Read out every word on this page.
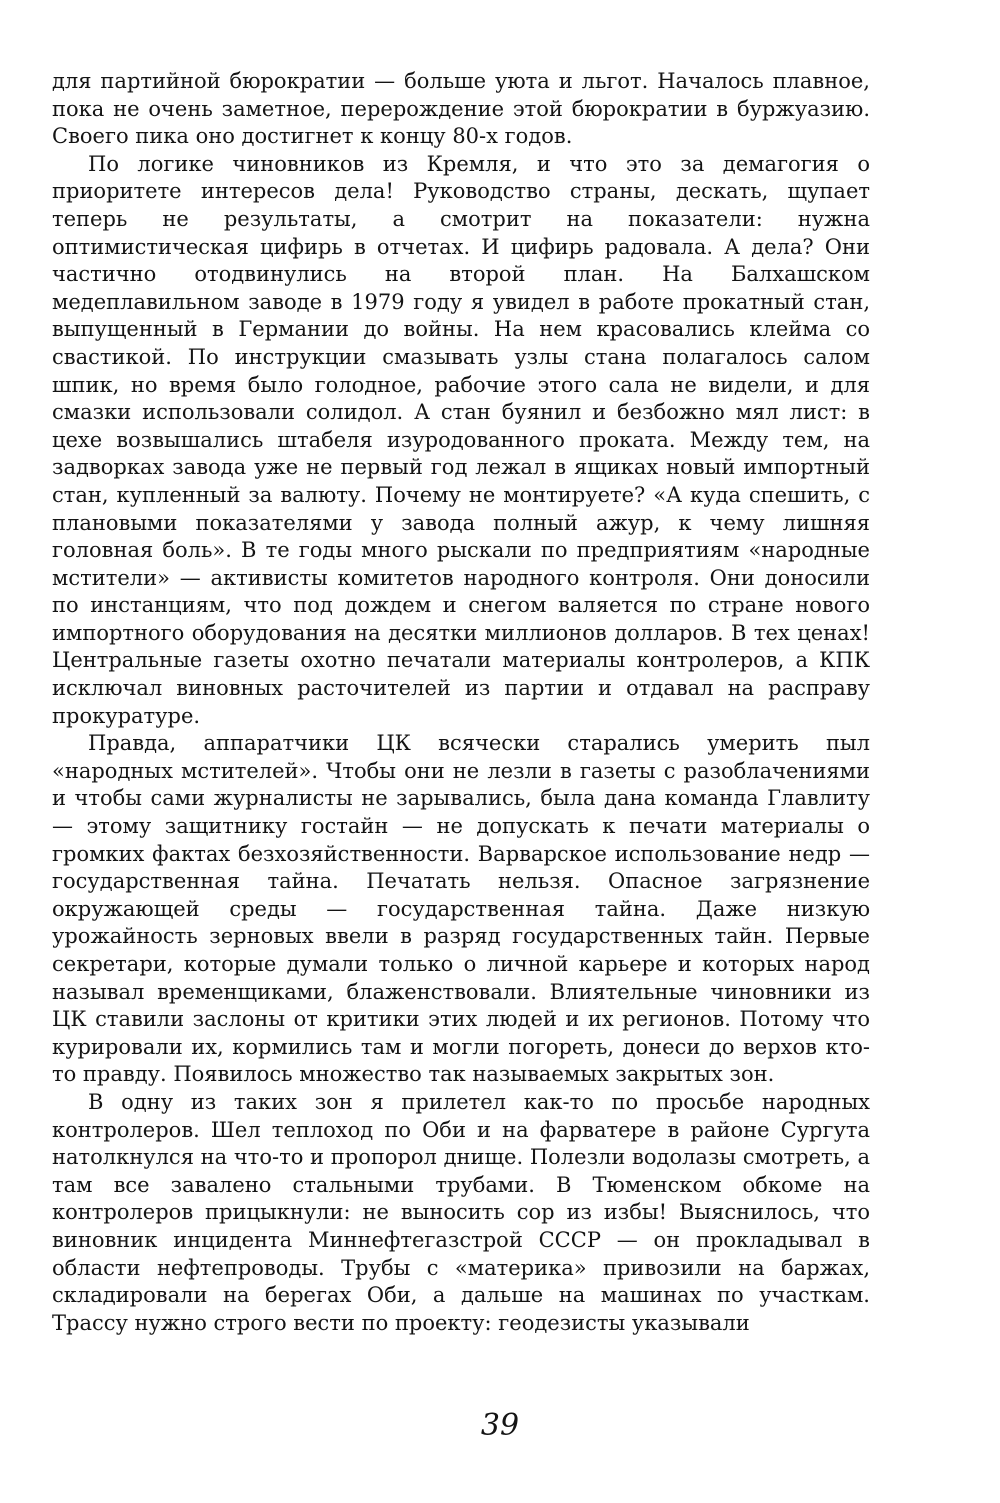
для партийной бюрократии — больше уюта и льгот. Началось плавное, пока не очень заметное, перерождение этой бюрократии в буржуазию. Своего пика оно достигнет к концу 80-х годов.

По логике чиновников из Кремля, и что это за демагогия о приоритете интересов дела! Руководство страны, дескать, щупает теперь не результаты, а смотрит на показатели: нужна оптимистическая цифирь в отчетах. И цифирь радовала. А дела? Они частично отодвинулись на второй план. На Балхашском медеплавильном заводе в 1979 году я увидел в работе прокатный стан, выпущенный в Германии до войны. На нем красовались клейма со свастикой. По инструкции смазывать узлы стана полагалось салом шпик, но время было голодное, рабочие этого сала не видели, и для смазки использовали солидол. А стан буянил и безбожно мял лист: в цехе возвышались штабеля изуродованного проката. Между тем, на задворках завода уже не первый год лежал в ящиках новый импортный стан, купленный за валюту. Почему не монтируете? «А куда спешить, с плановыми показателями у завода полный ажур, к чему лишняя головная боль». В те годы много рыскали по предприятиям «народные мстители» — активисты комитетов народного контроля. Они доносили по инстанциям, что под дождем и снегом валяется по стране нового импортного оборудования на десятки миллионов долларов. В тех ценах! Центральные газеты охотно печатали материалы контролеров, а КПК исключал виновных расточителей из партии и отдавал на расправу прокуратуре.

Правда, аппаратчики ЦК всячески старались умерить пыл «народных мстителей». Чтобы они не лезли в газеты с разоблачениями и чтобы сами журналисты не зарывались, была дана команда Главлиту — этому защитнику гостайн — не допускать к печати материалы о громких фактах безхозяйственности. Варварское использование недр — государственная тайна. Печатать нельзя. Опасное загрязнение окружающей среды — государственная тайна. Даже низкую урожайность зерновых ввели в разряд государственных тайн. Первые секретари, которые думали только о личной карьере и которых народ называл временщиками, блаженствовали. Влиятельные чиновники из ЦК ставили заслоны от критики этих людей и их регионов. Потому что курировали их, кормились там и могли погореть, донеси до верхов кто-то правду. Появилось множество так называемых закрытых зон.

В одну из таких зон я прилетел как-то по просьбе народных контролеров. Шел теплоход по Оби и на фарватере в районе Сургута натолкнулся на что-то и пропорол днище. Полезли водолазы смотреть, а там все завалено стальными трубами. В Тюменском обкоме на контролеров прицыкнули: не выносить сор из избы! Выяснилось, что виновник инцидента Миннефтегазстрой СССР — он прокладывал в области нефтепроводы. Трубы с «материка» привозили на баржах, складировали на берегах Оби, а дальше на машинах по участкам. Трассу нужно строго вести по проекту: геодезисты указывали

39
